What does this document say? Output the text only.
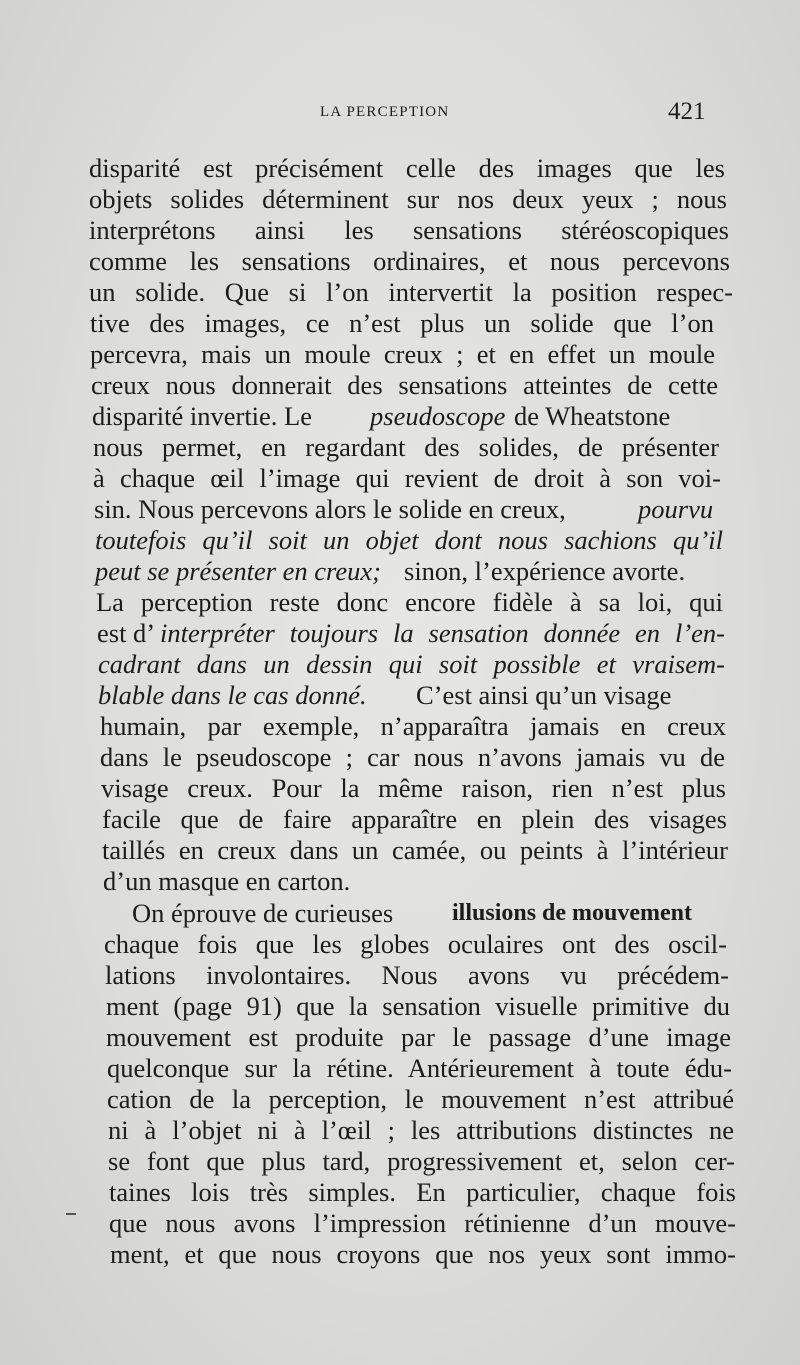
LA PERCEPTION	421
disparité est précisément celle des images que les
objets solides déterminent sur nos deux yeux ; nous
interprétons ainsi les sensations stéréoscopiques
comme les sensations ordinaires, et nous percevons
un solide. Que si l’on intervertit la position respec-
tive des images, ce n’est plus un solide que l’on
percevra, mais un moule creux ; et en effet un moule
creux nous donnerait des sensations atteintes de cette
disparité invertie. Le pseudoscope de Wheatstone
nous permet, en regardant des solides, de présenter
à chaque œil l’image qui revient de droit à son voi-
sin. Nous percevons alors le solide en creux,	pourvu
toutefois qu’il soit un objet dont nous sachions qu’il
peut se présenter en creux; sinon, l’expérience avorte.
La perception reste donc encore fidèle à sa loi, qui
est d’ interpréter toujours la sensation donnée en l’en-
cadrant dans un dessin qui soit possible et vraisem-
blable dans le cas donné. C’est ainsi qu’un visage
humain, par exemple, n’apparaîtra jamais en creux
dans le pseudoscope ; car nous n’avons jamais vu de
visage creux. Pour la même raison, rien n’est plus
facile que de faire apparaître en plein des visages
taillés en creux dans un camée, ou peints à l’intérieur
d’un masque en carton.
On éprouve de curieuses illusions de mouvement
chaque fois que les globes oculaires ont des oscil-
lations involontaires. Nous avons vu précédem-
ment (page 91) que la sensation visuelle primitive du
mouvement est produite par le passage d’une image
quelconque sur la rétine. Antérieurement à toute édu-
cation de la perception, le mouvement n’est attribué
ni à l’objet ni à l’œil ; les attributions distinctes ne
se font que plus tard, progressivement et, selon cer-
taines lois très simples. En particulier, chaque fois
que nous avons l’impression rétinienne d’un mouve-
ment, et que nous croyons que nos yeux sont immo-
